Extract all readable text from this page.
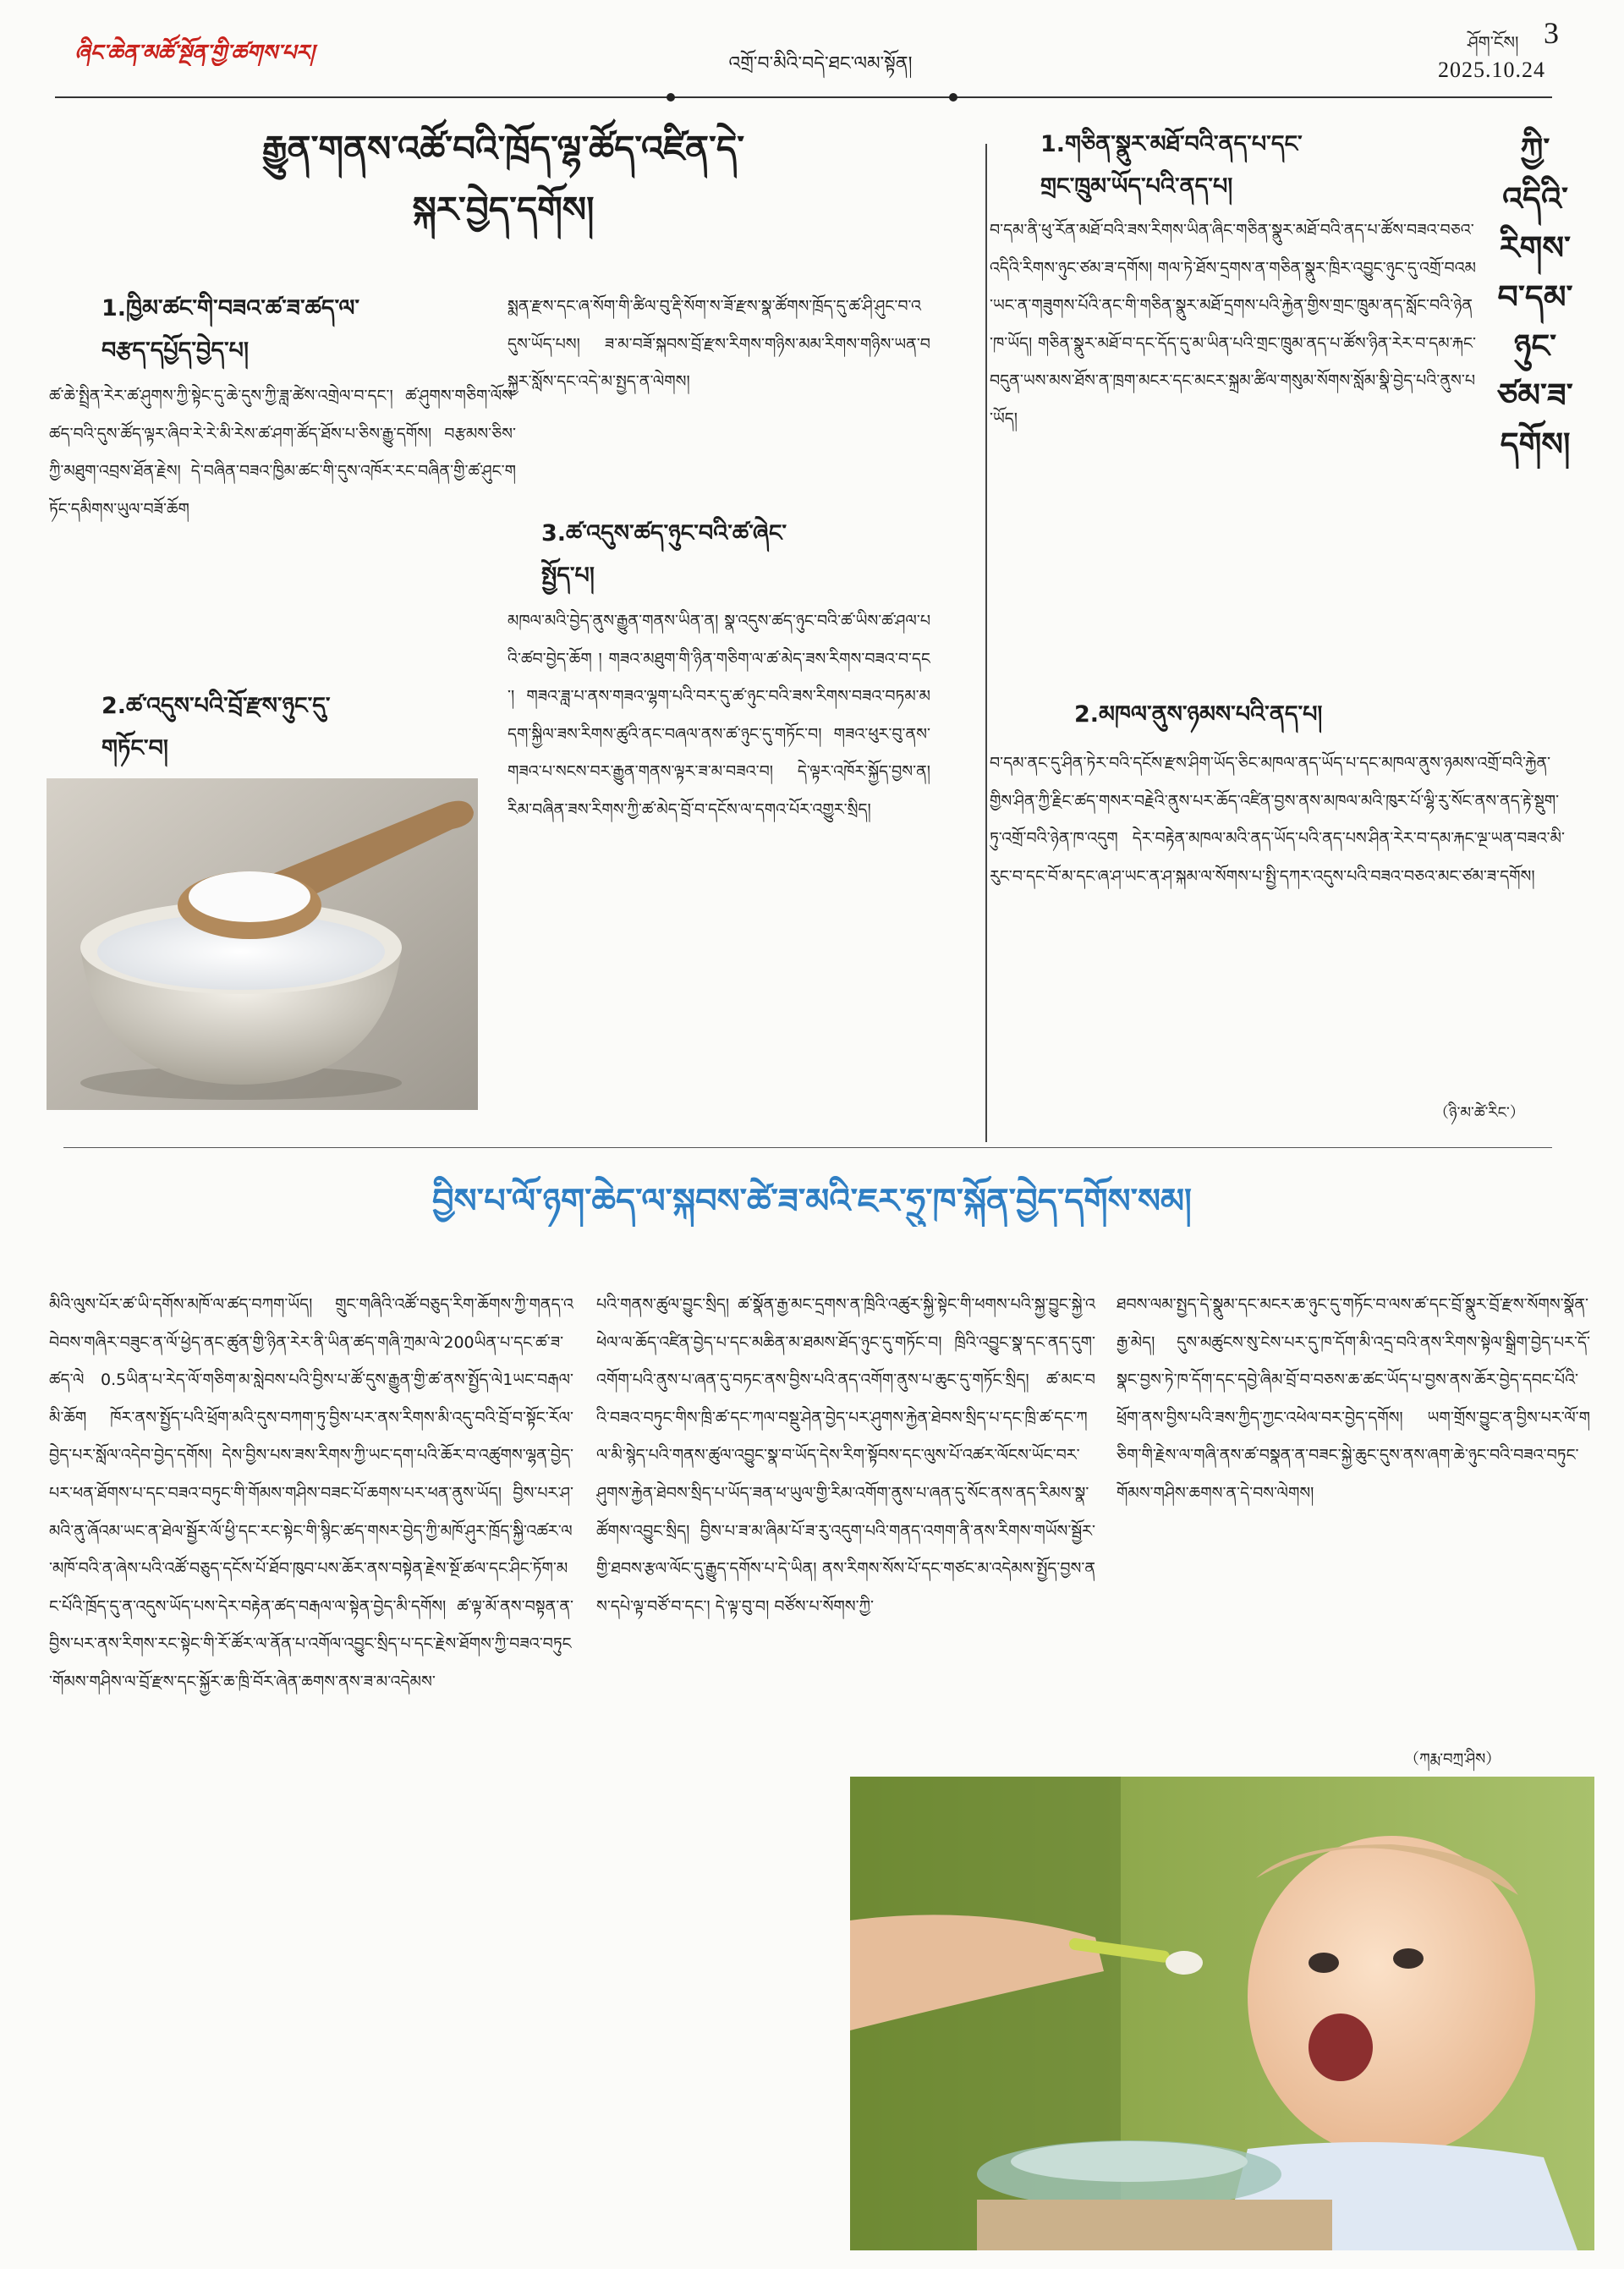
ཞིང་ཆེན་མཚོ་སྔོན་གྱི་ཚགས་པར།	འགྲོ་བ་མིའི་བདེ་ཐང་ལམ་སྟོན།
ཤོག་ངོས། 3
2025.10.24
རྒྱུན་གནས་འཚོ་བའི་ཁྲོད་ལྷ་ཚོད་འཛིན་དེ་
སྐར་བྱེད་དགོས།
1.ཁྱིམ་ཚང་གི་བཟའ་ཚ་ཟ་ཚད་ལ་
བརྩད་དཔྱོད་བྱེད་པ།
ཚ་ཆེ་སྤྲིན་རེར་ཚ་ཤུགས་ཀྱི་སྟེང་དུ་ཆེ་དུས་ཀྱི་ཟླ་ཚེས་འགྲེལ་བ་དང་། ཚ་ཤུགས་གཅིག་ལོས་ཚད་བའི་དུས་ཚོད་ལྟར་ཞིབ་རེ་རེ་མི་རེས་ཚ་ཤག་ཚོད་ཐོས་པ་ཅིས་རྒྱུ་དགོས། བརྩམས་ཅིས་ཀྱི་མཐུག་འབྲས་ཐོན་རྗེས། དེ་བཞིན་བཟའ་ཁྱིམ་ཚང་གི་དུས་འཁོར་རང་བཞིན་གྱི་ཚ་ཤུང་གཏོང་དམིགས་ཡུལ་བཟོ་ཆོག
2.ཚ་འདུས་པའི་བྲོ་རྫས་ཉུང་དུ་
གཏོང་བ།
སྨན་རྫས་དང་ཞ་སོག་གི་ཚིལ་བུ་རྡི་སོག་ས་ཟོ་རྫས་སྣ་ཚོགས་ཁྲོད་དུ་ཚ་ཤི་ཤུང་བ་འདུས་ཡོད་པས། ཟ་མ་བཟོ་སྐབས་བྲོ་རྫས་རིགས་གཉིས་མམ་རིགས་གཉིས་ཡན་བསྐྱར་སློས་དང་འདེ་མ་སྤྱད་ན་ལེགས།
3.ཚ་འདུས་ཚད་ཉུང་བའི་ཚ་ཞེང་
སྤྱོད་པ།
མཁལ་མའི་བྱེད་ནུས་རྒྱུན་གནས་ཡིན་ན། སྣ་འདུས་ཚད་ཉུང་བའི་ཚ་ཡིས་ཚ་ཤལ་པའི་ཚབ་བྱེད་ཆོག ། གཟའ་མཐུག་གི་ཉིན་གཅིག་ལ་ཚ་མེད་ཟས་རིགས་བཟའ་བ་དང་། གཟའ་ཟླ་པ་ནས་གཟའ་ལྷག་པའི་བར་དུ་ཚ་ཉུང་བའི་ཟས་རིགས་བཟའ་བཏམ་མདག་སྐྱིལ་ཟས་རིགས་ཚུའི་ནང་བཞལ་ནས་ཚ་ཉུང་དུ་གཏོང་བ། གཟའ་ཕུར་བུ་ནས་གཟའ་པ་སངས་བར་རྒྱུན་གནས་ལྟར་ཟ་མ་བཟའ་བ། དེ་ལྟར་འཁོར་སྐྱོད་བྱས་ན། རིམ་བཞིན་ཟས་རིགས་ཀྱི་ཚ་མེད་བྲོ་བ་དངོས་ལ་དགའ་པོར་འགྱུར་སྲིད།
1.གཅིན་སྣུར་མཐོ་བའི་ནད་པ་དང་
གྲང་ཁྲུམ་ཡོད་པའི་ནད་པ།
བ་དམ་ནི་ཕུ་རོན་མཐོ་བའི་ཟས་རིགས་ཡིན་ཞིང་གཅིན་སྣུར་མཐོ་བའི་ནད་པ་ཚོས་བཟའ་བཅའ་འདིའི་རིགས་ཉུང་ཙམ་ཟ་དགོས། གལ་ཏེ་ཐོས་དྲགས་ན་གཅིན་སྣུར་ཁྲིར་འབྱུང་ཉུང་དུ་འགྲོ་བའམ་ཡང་ན་གཟུགས་པོའི་ནང་གི་གཅིན་སྣུར་མཐོ་དྲགས་པའི་རྐྱེན་གྱིས་གྲང་ཁྲུམ་ནད་སློང་བའི་ཉེན་ཁ་ཡོད། གཅིན་སྣུར་མཐོ་བ་དང་དོད་དུ་མ་ཡིན་པའི་གྲང་ཁྲུམ་ནད་པ་ཚོས་ཉིན་རེར་བ་དམ་རྐང་བདུན་ཡས་མས་ཐོས་ན་ཁྲག་མངར་དང་མངར་སྐྲམ་ཚིལ་གསུམ་སོགས་སློམ་སྣི་བྱེད་པའི་ནུས་པ་ཡོད།
2.མཁལ་ནུས་ཉམས་པའི་ནད་པ།
བ་དམ་ནང་དུ་ཤིན་ཏེར་བའི་དངོས་རྫས་ཤིག་ཡོད་ཅིང་མཁལ་ནད་ཡོད་པ་དང་མཁལ་ནུས་ཉམས་འགྲོ་བའི་རྐྱེན་གྱིས་ཤིན་ཀྱི་རྗིང་ཚད་གསར་བརྗེའི་ནུས་པར་ཆོད་འཛིན་བྱས་ནས་མཁལ་མའི་ཁུར་པོ་ལྷི་རུ་སོང་ནས་ནད་རྟེ་སྡུག་ཏུ་འགྲོ་བའི་ཉེན་ཁ་འདུག དེར་བརྟེན་མཁལ་མའི་ནད་ཡོད་པའི་ནད་པས་ཤིན་རེར་བ་དམ་རྐང་ལྔ་ཡན་བཟའ་མི་རུང་བ་དང་བོ་མ་དང་ཞ་ཤ་ཡང་ན་ཤ་སྐམ་ལ་སོགས་པ་སྤྱི་དཀར་འདུས་པའི་བཟའ་བཅའ་མང་ཙམ་ཟ་དགོས།
（ཉི་མ་ཚེ་རིང་）
ཀྱི་
འདིའི་
རིགས་
བ་དམ་
ཉུང་
ཙམ་ཟ་
དགོས།
བྱིས་པ་ལོ་ཉག་ཆེད་ལ་སྐབས་ཚེ་ཟ་མའི་ཇར་ཧྲུ་ཁ་སྐོན་བྱེད་དགོས་སམ།
མིའི་ལུས་པོར་ཚ་ཡི་དགོས་མཁོ་ལ་ཚད་བཀག་ཡོད། གྲུང་གཞིའི་འཚོ་བཅུད་རིག་ཆོགས་ཀྱི་གནད་འབེབས་གཞིར་བཟུང་ན་ལོ་ཕྱེད་ནང་ཚུན་གྱི་ཉིན་རེར་ནི་ཡིན་ཚད་གཞི་ཀྲམ་ལེ་200ཡིན་པ་དང་ཚ་ཟ་ཚད་ལེ 0.5ཡིན་པ་རེད་ལོ་གཅིག་མ་སླེབས་པའི་བྱིས་པ་ཚོ་དུས་རྒྱུན་གྱི་ཚ་ནས་སྤྱོད་ལེ1ཡང་བརྒལ་མི་ཆོག ཁོར་ནས་སྤྱོད་པའི་ཕྲོག་མའི་དུས་བཀག་ཏུ་བྱིས་པར་ནས་རིགས་མི་འདུ་བའི་བྲོ་བ་སྟོང་རོལ་བྱེད་པར་སློལ་འདེབ་བྱེད་དགོས། དེས་བྱིས་པས་ཟས་རིགས་ཀྱི་ཡང་དག་པའི་ཆོར་བ་འཚུགས་ལྷན་བྱེད་པར་ཕན་ཐོགས་པ་དང་བཟའ་བཏུང་གི་གོམས་གཤིས་བཟང་པོ་ཆགས་པར་ཕན་ནུས་ཡོད། བྱིས་པར་ཤ་མའི་ནུ་ཞོའམ་ཡང་ན་ཐེལ་སྦྱོར་ལོ་ཕྱི་དང་རང་སྟེང་གི་སྙིང་ཚད་གསར་བྱེད་ཀྱི་མཁོ་ཤུར་ཁྲོད་སྐྱི་འཚར་ལ་མཁོ་བའི་ན་ཞེས་པའི་འཚོ་བཅུད་དངོས་པོ་ཐོབ་ཁུབ་པས་ཆོར་ནས་བསྟེན་རྗེས་སྔོ་ཚལ་དང་ཤིང་ཏོག་མང་པོའི་ཁྲོད་དུ་ན་འདུས་ཡོད་པས་དེར་བརྟེན་ཚད་བརྒལ་ལ་སྟེན་བྱེད་མི་དགོས། ཚ་ལྟ་མོ་ནས་བསྟན་ན་བྱིས་པར་ནས་རིགས་རང་སྟེང་གི་རོ་ཚོར་ལ་ནོན་པ་འགོལ་འབྱུང་སྲིད་པ་དང་རྗེས་ཐོགས་ཀྱི་བཟའ་བཏུང་གོམས་གཤིས་ལ་བྲོ་རྫས་དང་སྐྱོར་ཆ་ཁྲི་བོར་ཞེན་ཆགས་ནས་ཟ་མ་འདེམས་
པའི་གནས་ཚུལ་བྱུང་སྲིད། ཚ་སྣོན་རྒྱ་མང་དྲགས་ན་ཁྲིའི་འཚུར་སྐྱི་སྟེང་གི་ཕགས་པའི་སྐྱ་བྱུང་སྐྱེ་འཕེལ་ལ་ཆོད་འཛིན་བྱེད་པ་དང་མཆིན་མ་ཐམས་ཐོད་ཉུང་དུ་གཏོང་བ། ཁྲིའི་འབྱུང་སྣ་དང་ནད་དུག་འགོག་པའི་ནུས་པ་ཞན་དུ་བཏང་ནས་བྱིས་པའི་ནད་འགོག་ནུས་པ་ཆུང་དུ་གཏོང་སྲིད། ཚ་མང་བའི་བཟའ་བཏུང་གིས་ཁྲི་ཚ་དང་ཀལ་བསྡུ་ཤེན་བྱེད་པར་ཤུགས་རྐྱེན་ཐེབས་སྲིད་པ་དང་ཁྲི་ཚ་དང་ཀལ་མི་སྙེད་པའི་གནས་ཚུལ་འབྱུང་སྣ་བ་ཡོད་དེས་རིག་སྟོབས་དང་ལུས་པོ་འཚར་ལོངས་ཡོང་བར་ཤུགས་རྐྱེན་ཐེབས་སྲིད་པ་ཡོད་ཟན་ཕ་ཡུལ་གྱི་རིམ་འགོག་ནུས་པ་ཞན་དུ་སོང་ནས་ནད་རིམས་སྣ་ཚོགས་འབྱུང་སྲིད། བྱིས་པ་ཟ་མ་ཞིམ་པོ་ཟ་རུ་འདུག་པའི་གནད་འགག་ནི་ནས་རིགས་གཡོས་སྦྱོར་གྱི་ཐབས་རྩལ་ལོང་དུ་རྒྱུད་དགོས་པ་དེ་ཡིན། ནས་རིགས་སོས་པོ་དང་གཙང་མ་འདེམས་སྤྱོད་བྱས་ནས་དཔེ་ལྟ་བཙོ་བ་དང་། དེ་ལྟ་བུ་བ། བཙོས་པ་སོགས་ཀྱི་
ཐབས་ལམ་སྤྱད་དེ་སྣུམ་དང་མངར་ཆ་ཉུང་དུ་གཏོང་བ་ལས་ཚ་དང་བྲོ་སྣུར་བྲོ་རྫས་སོགས་སྣོན་རྒྱ་མེད། དུས་མཚུངས་སུ་ངེས་པར་དུ་ཁ་དོག་མི་འདྲ་བའི་ནས་རིགས་སྟེལ་སྒྲིག་བྱེད་པར་དོ་སྣང་བྱས་ཏེ་ཁ་དོག་དང་དབྱེ་ཞིམ་བྲོ་བ་བཅས་ཆ་ཚང་ཡོད་པ་བྱས་ནས་ཆོར་བྱེད་དབང་པོའི་ཕྲོག་ནས་བྱིས་པའི་ཟས་ཀྱིད་ཀྱང་འཕེལ་བར་བྱེད་དགོས། ཡག་གྲོས་བྱུང་ན་བྱིས་པར་ལོ་གཅིག་གི་རྗེས་ལ་གཞི་ནས་ཚ་བསྣན་ན་བཟང་སྐྱེ་ཆུང་དུས་ནས་ཞག་ཆེ་ཉུང་བའི་བཟའ་བཏུང་གོམས་གཤིས་ཆགས་ན་དེ་བས་ལེགས།
（ཀརྨ་བཀྲ་ཤིས）
